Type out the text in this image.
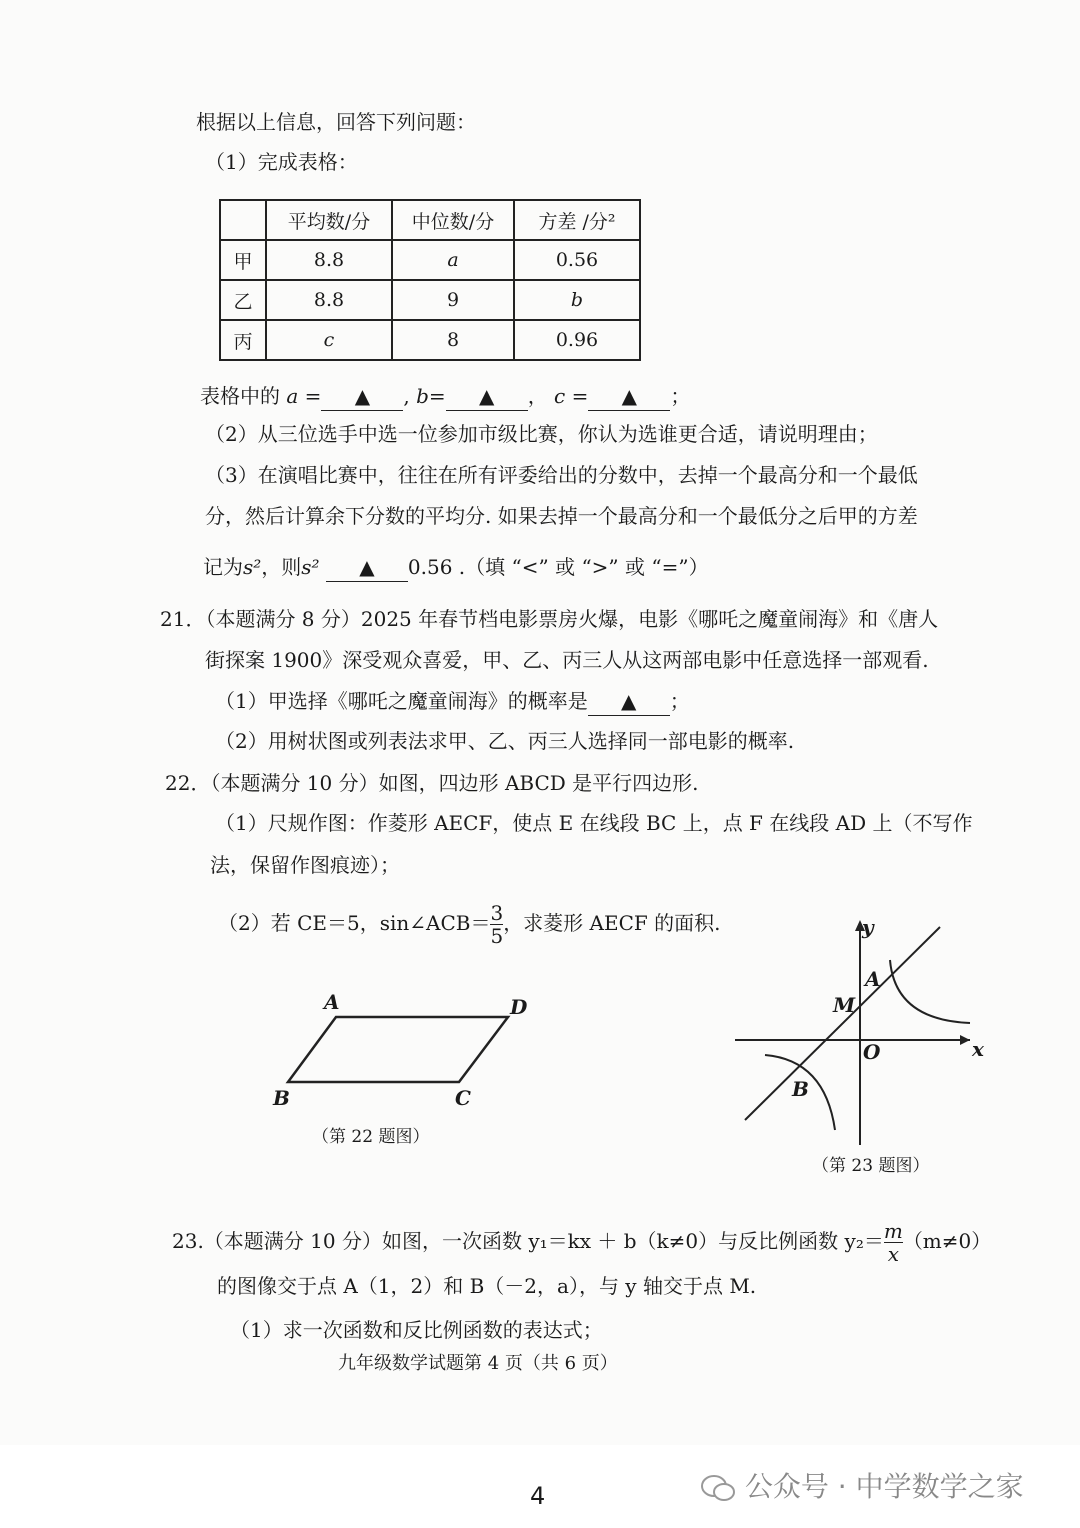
根据以上信息，回答下列问题：
（1）完成表格：
	平均数/分	中位数/分	方差 /分²
甲	8.8	a	0.56
乙	8.8	9	b
丙	c	8	0.96
表格中的 a = ▲ , b= ▲ ， c = ▲ ；
（2）从三位选手中选一位参加市级比赛，你认为选谁更合适，请说明理由；
（3）在演唱比赛中，往往在所有评委给出的分数中，去掉一个最高分和一个最低
分，然后计算余下分数的平均分. 如果去掉一个最高分和一个最低分之后甲的方差
记为s²，则s² ▲ 0.56 .（填 “<” 或 “>” 或 “=”）
21．（本题满分 8 分）2025 年春节档电影票房火爆，电影《哪吒之魔童闹海》和《唐人
街探案 1900》深受观众喜爱，甲、乙、丙三人从这两部电影中任意选择一部观看.
（1）甲选择《哪吒之魔童闹海》的概率是 ▲ ；
（2）用树状图或列表法求甲、乙、丙三人选择同一部电影的概率.
22．（本题满分 10 分）如图，四边形 ABCD 是平行四边形.
（1）尺规作图：作菱形 AECF，使点 E 在线段 BC 上，点 F 在线段 AD 上（不写作
法，保留作图痕迹）；
（2）若 CE＝5，sin∠ACB＝ $\frac{3}{5}$ ，求菱形 AECF 的面积.
A	D
B	C
（第 22 题图）
y
x
O
A
M
B
（第 23 题图）
23.（本题满分 10 分）如图，一次函数 y₁＝kx ＋ b（k≠0）与反比例函数 $y_2= \frac{m}{x} (m\ne 0)$
的图像交于点 A（1，2）和 B（－2，a），与 y 轴交于点 M.
（1）求一次函数和反比例函数的表达式；
九年级数学试题第 4 页（共 6 页）
4	公众号 · 中学数学之家
